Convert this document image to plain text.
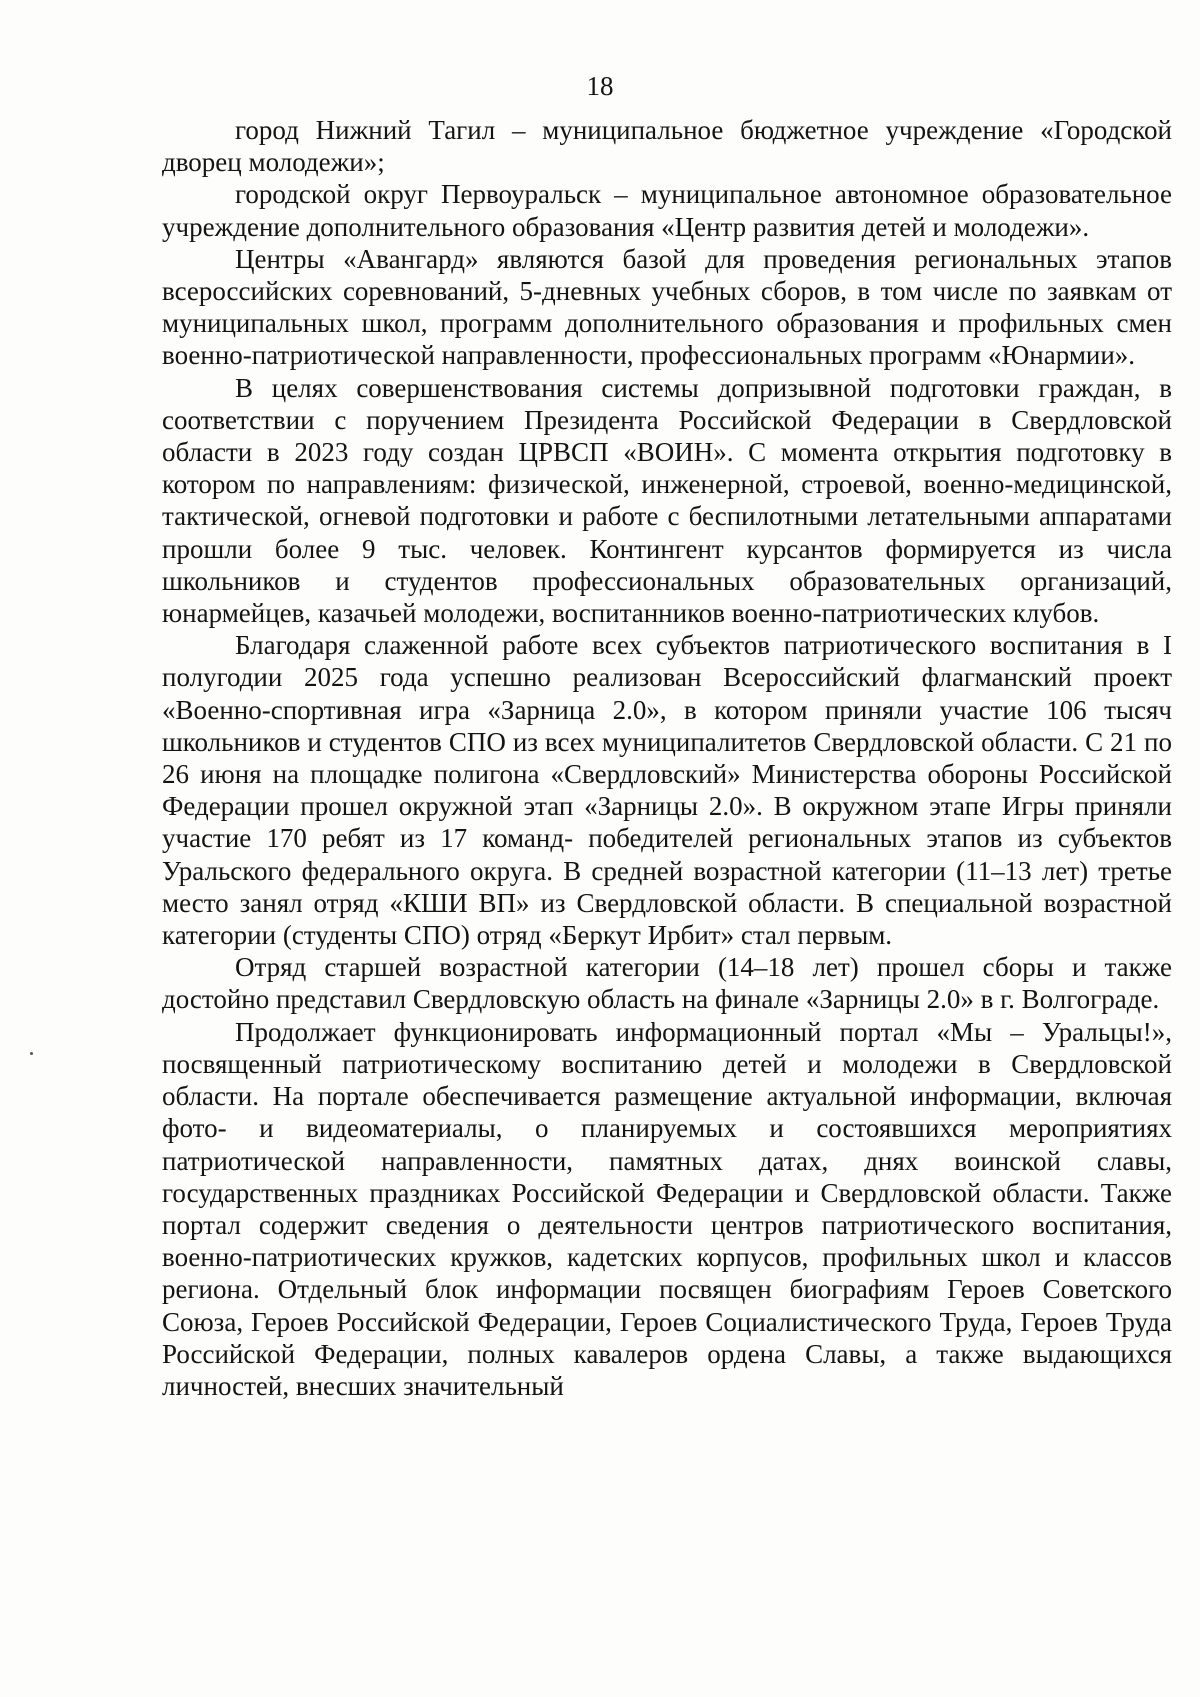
18

город Нижний Тагил – муниципальное бюджетное учреждение «Городской дворец молодежи»;

городской округ Первоуральск – муниципальное автономное образовательное учреждение дополнительного образования «Центр развития детей и молодежи».

Центры «Авангард» являются базой для проведения региональных этапов всероссийских соревнований, 5-дневных учебных сборов, в том числе по заявкам от муниципальных школ, программ дополнительного образования и профильных смен военно-патриотической направленности, профессиональных программ «Юнармии».

В целях совершенствования системы допризывной подготовки граждан, в соответствии с поручением Президента Российской Федерации в Свердловской области в 2023 году создан ЦРВСП «ВОИН». С момента открытия подготовку в котором по направлениям: физической, инженерной, строевой, военно-медицинской, тактической, огневой подготовки и работе с беспилотными летательными аппаратами прошли более 9 тыс. человек. Контингент курсантов формируется из числа школьников и студентов профессиональных образовательных организаций, юнармейцев, казачьей молодежи, воспитанников военно-патриотических клубов.

Благодаря слаженной работе всех субъектов патриотического воспитания в I полугодии 2025 года успешно реализован Всероссийский флагманский проект «Военно-спортивная игра «Зарница 2.0», в котором приняли участие 106 тысяч школьников и студентов СПО из всех муниципалитетов Свердловской области. С 21 по 26 июня на площадке полигона «Свердловский» Министерства обороны Российской Федерации прошел окружной этап «Зарницы 2.0». В окружном этапе Игры приняли участие 170 ребят из 17 команд- победителей региональных этапов из субъектов Уральского федерального округа. В средней возрастной категории (11–13 лет) третье место занял отряд «КШИ ВП» из Свердловской области. В специальной возрастной категории (студенты СПО) отряд «Беркут Ирбит» стал первым.

Отряд старшей возрастной категории (14–18 лет) прошел сборы и также достойно представил Свердловскую область на финале «Зарницы 2.0» в г. Волгограде.

Продолжает функционировать информационный портал «Мы – Уральцы!», посвященный патриотическому воспитанию детей и молодежи в Свердловской области. На портале обеспечивается размещение актуальной информации, включая фото- и видеоматериалы, о планируемых и состоявшихся мероприятиях патриотической направленности, памятных датах, днях воинской славы, государственных праздниках Российской Федерации и Свердловской области. Также портал содержит сведения о деятельности центров патриотического воспитания, военно-патриотических кружков, кадетских корпусов, профильных школ и классов региона. Отдельный блок информации посвящен биографиям Героев Советского Союза, Героев Российской Федерации, Героев Социалистического Труда, Героев Труда Российской Федерации, полных кавалеров ордена Славы, а также выдающихся личностей, внесших значительный
